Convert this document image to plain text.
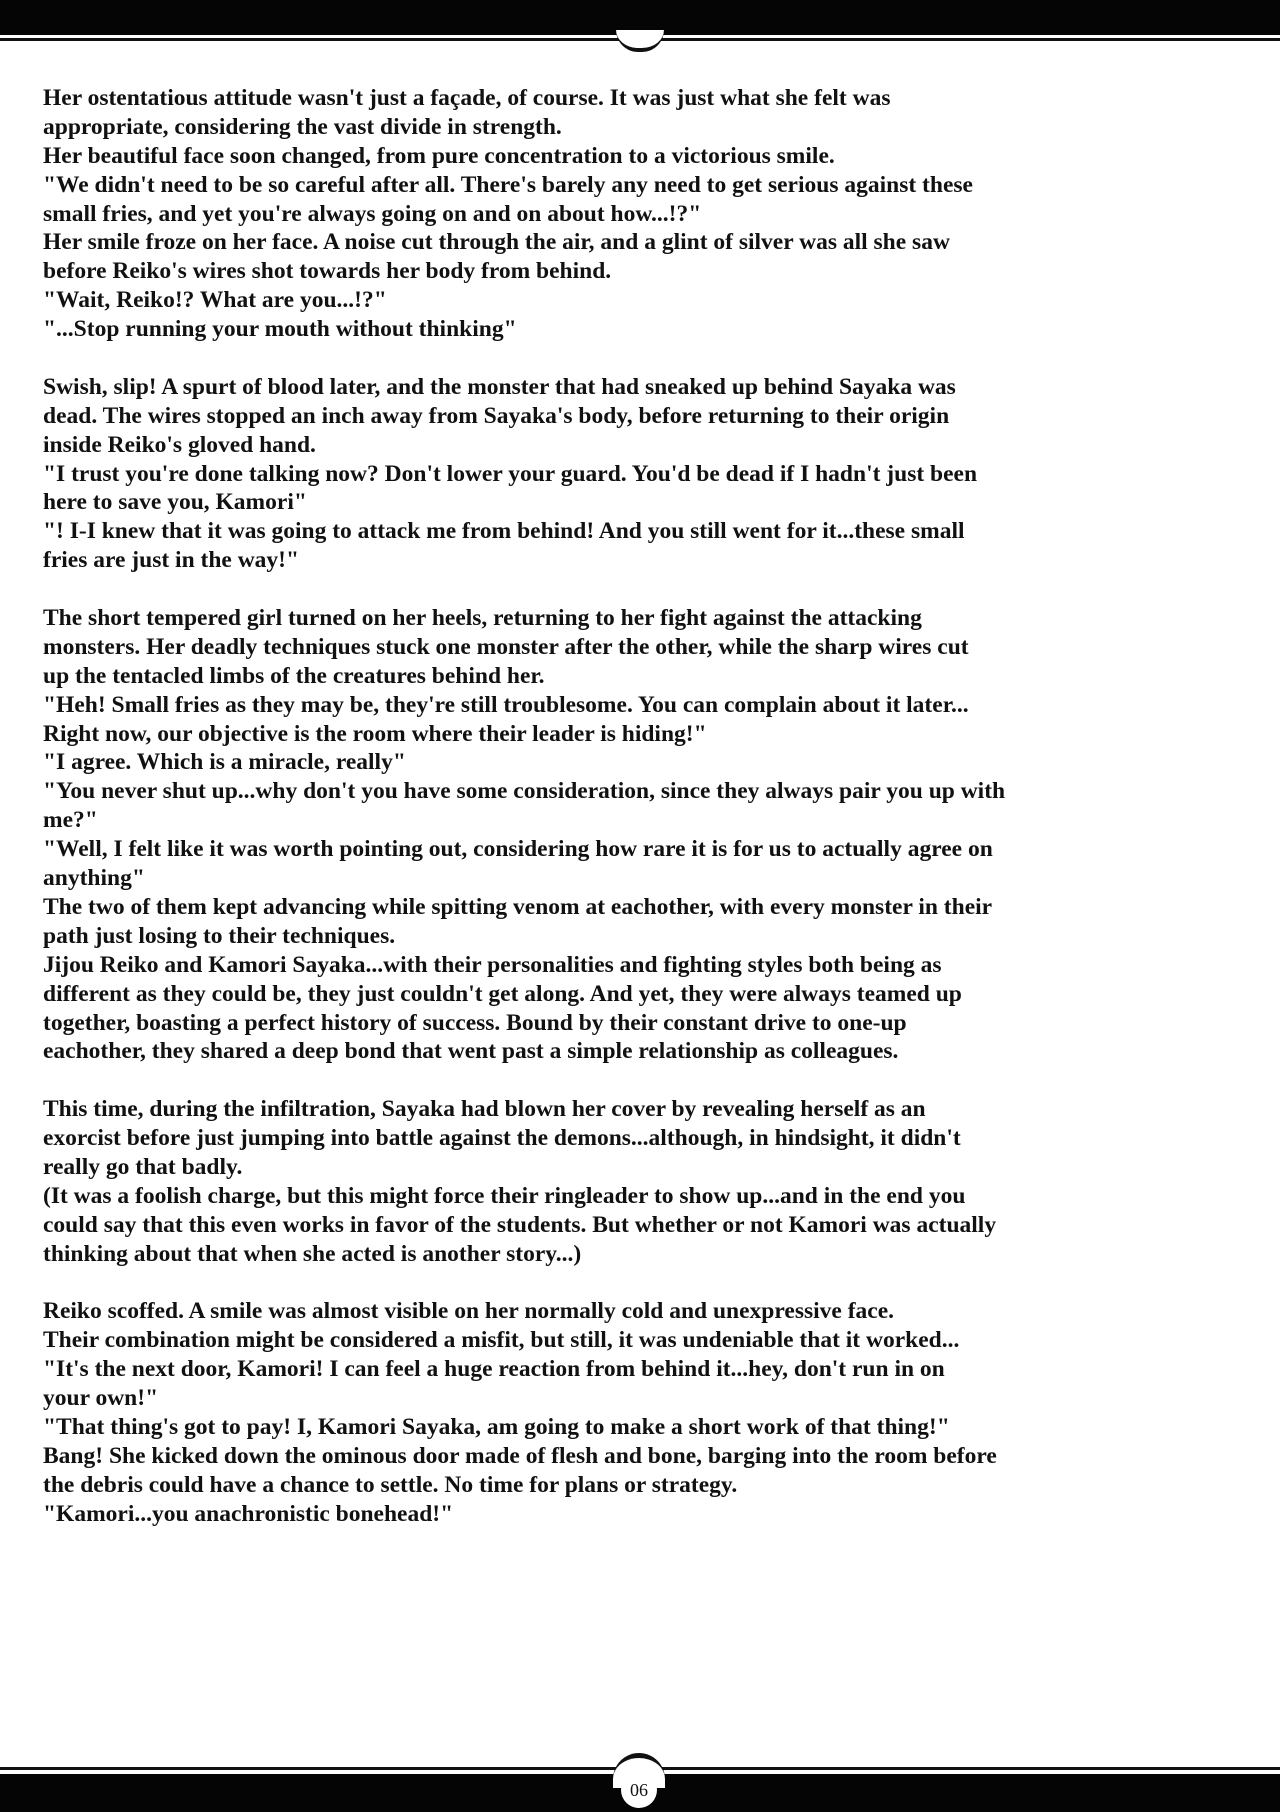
Her ostentatious attitude wasn't just a façade, of course. It was just what she felt was
appropriate, considering the vast divide in strength.
Her beautiful face soon changed, from pure concentration to a victorious smile.
"We didn't need to be so careful after all. There's barely any need to get serious against these
small fries, and yet you're always going on and on about how...!?"
Her smile froze on her face. A noise cut through the air, and a glint of silver was all she saw
before Reiko's wires shot towards her body from behind.
"Wait, Reiko!? What are you...!?"
"...Stop running your mouth without thinking"
Swish, slip! A spurt of blood later, and the monster that had sneaked up behind Sayaka was
dead. The wires stopped an inch away from Sayaka's body, before returning to their origin
inside Reiko's gloved hand.
"I trust you're done talking now? Don't lower your guard. You'd be dead if I hadn't just been
here to save you, Kamori"
"! I-I knew that it was going to attack me from behind! And you still went for it...these small
fries are just in the way!"
The short tempered girl turned on her heels, returning to her fight against the attacking
monsters. Her deadly techniques stuck one monster after the other, while the sharp wires cut
up the tentacled limbs of the creatures behind her.
"Heh! Small fries as they may be, they're still troublesome. You can complain about it later...
Right now, our objective is the room where their leader is hiding!"
"I agree. Which is a miracle, really"
"You never shut up...why don't you have some consideration, since they always pair you up with
me?"
"Well, I felt like it was worth pointing out, considering how rare it is for us to actually agree on
anything"
The two of them kept advancing while spitting venom at eachother, with every monster in their
path just losing to their techniques.
Jijou Reiko and Kamori Sayaka...with their personalities and fighting styles both being as
different as they could be, they just couldn't get along. And yet, they were always teamed up
together, boasting a perfect history of success. Bound by their constant drive to one-up
eachother, they shared a deep bond that went past a simple relationship as colleagues.
This time, during the infiltration, Sayaka had blown her cover by revealing herself as an
exorcist before just jumping into battle against the demons...although, in hindsight, it didn't
really go that badly.
(It was a foolish charge, but this might force their ringleader to show up...and in the end you
could say that this even works in favor of the students. But whether or not Kamori was actually
thinking about that when she acted is another story...)
Reiko scoffed. A smile was almost visible on her normally cold and unexpressive face.
Their combination might be considered a misfit, but still, it was undeniable that it worked...
"It's the next door, Kamori! I can feel a huge reaction from behind it...hey, don't run in on
your own!"
"That thing's got to pay! I, Kamori Sayaka, am going to make a short work of that thing!"
Bang! She kicked down the ominous door made of flesh and bone, barging into the room before
the debris could have a chance to settle. No time for plans or strategy.
"Kamori...you anachronistic bonehead!"
06
